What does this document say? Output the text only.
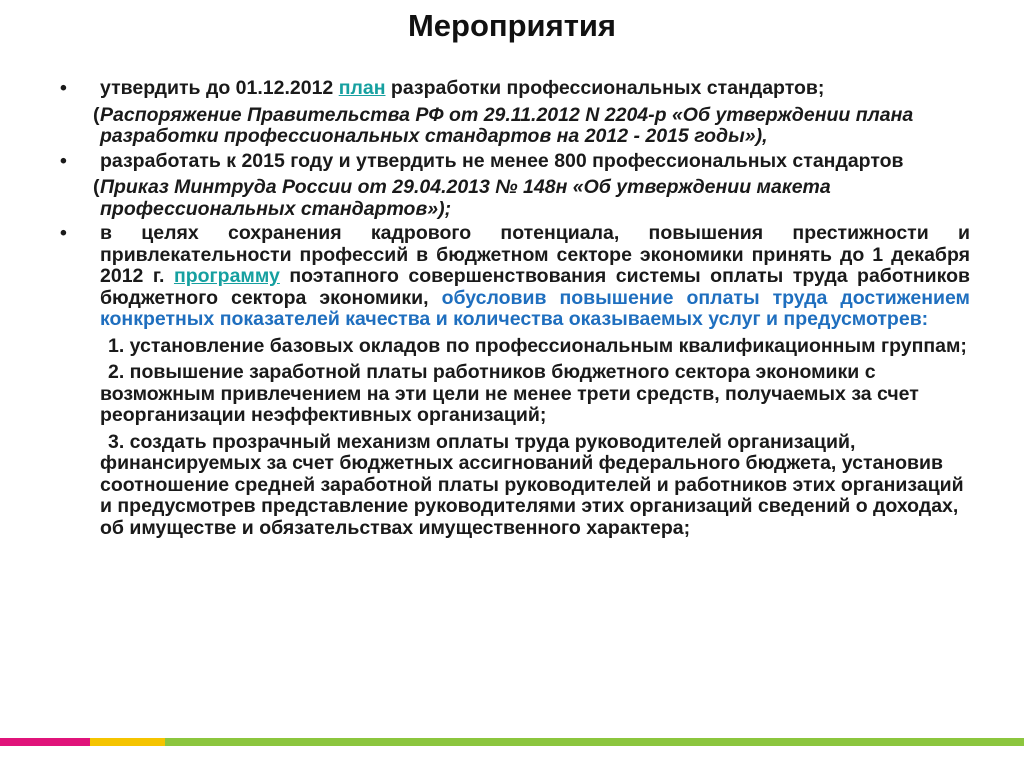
Мероприятия
• утвердить до 01.12.2012 план разработки профессиональных стандартов;
( Распоряжение Правительства РФ от 29.11.2012 N 2204-р «Об утверждении плана разработки профессиональных стандартов на 2012 - 2015 годы»),
• разработать к 2015 году и утвердить не менее 800 профессиональных стандартов
( Приказ Минтруда России от 29.04.2013 № 148н «Об утверждении макета профессиональных стандартов»);
• в целях сохранения кадрового потенциала, повышения престижности и привлекательности профессий в бюджетном секторе экономики принять до 1 декабря 2012 г. программу поэтапного совершенствования системы оплаты труда работников бюджетного сектора экономики, обусловив повышение оплаты труда достижением конкретных показателей качества и количества оказываемых услуг и предусмотрев:
1. установление базовых окладов по профессиональным квалификационным группам;
2. повышение заработной платы работников бюджетного сектора экономики с возможным привлечением на эти цели не менее трети средств, получаемых за счет реорганизации неэффективных организаций;
3. создать прозрачный механизм оплаты труда руководителей организаций, финансируемых за счет бюджетных ассигнований федерального бюджета, установив соотношение средней заработной платы руководителей и работников этих организаций и предусмотрев представление руководителями этих организаций сведений о доходах, об имуществе и обязательствах имущественного характера;
